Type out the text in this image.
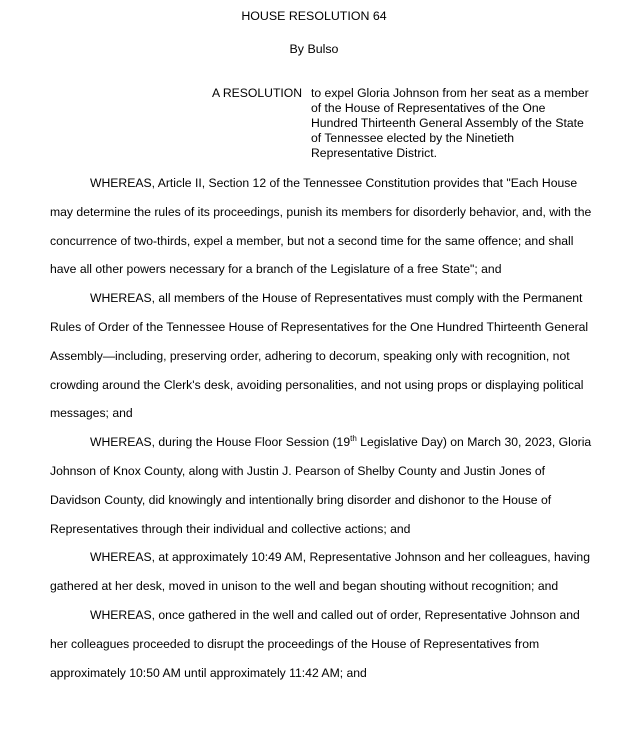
HOUSE RESOLUTION 64
By Bulso
A RESOLUTION to expel Gloria Johnson from her seat as a member of the House of Representatives of the One Hundred Thirteenth General Assembly of the State of Tennessee elected by the Ninetieth Representative District.

WHEREAS, Article II, Section 12 of the Tennessee Constitution provides that "Each House may determine the rules of its proceedings, punish its members for disorderly behavior, and, with the concurrence of two-thirds, expel a member, but not a second time for the same offence; and shall have all other powers necessary for a branch of the Legislature of a free State"; and

WHEREAS, all members of the House of Representatives must comply with the Permanent Rules of Order of the Tennessee House of Representatives for the One Hundred Thirteenth General Assembly—including, preserving order, adhering to decorum, speaking only with recognition, not crowding around the Clerk's desk, avoiding personalities, and not using props or displaying political messages; and

WHEREAS, during the House Floor Session (19th Legislative Day) on March 30, 2023, Gloria Johnson of Knox County, along with Justin J. Pearson of Shelby County and Justin Jones of Davidson County, did knowingly and intentionally bring disorder and dishonor to the House of Representatives through their individual and collective actions; and

WHEREAS, at approximately 10:49 AM, Representative Johnson and her colleagues, having gathered at her desk, moved in unison to the well and began shouting without recognition; and

WHEREAS, once gathered in the well and called out of order, Representative Johnson and her colleagues proceeded to disrupt the proceedings of the House of Representatives from approximately 10:50 AM until approximately 11:42 AM; and
